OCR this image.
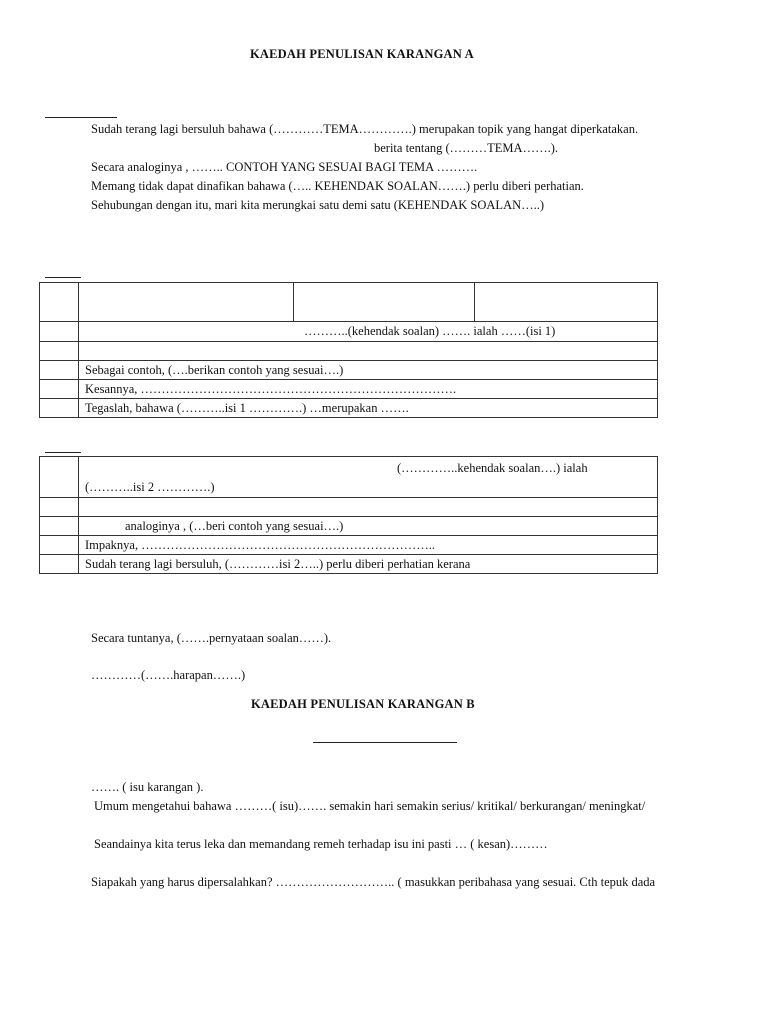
KAEDAH PENULISAN KARANGAN A
Sudah terang lagi bersuluh bahawa (…………TEMA………….) merupakan topik yang hangat diperkatakan.
berita tentang (………TEMA…….).
Secara analoginya , …….. CONTOH YANG SESUAI BAGI TEMA ……….
Memang tidak dapat dinafikan bahawa (….. KEHENDAK SOALAN…….) perlu diberi perhatian.
Sehubungan dengan itu, mari kita merungkai satu demi satu (KEHENDAK SOALAN…..)

	………..(kehendak soalan) ……. ialah ……(isi 1)		

	Sebagai contoh, (….berikan contoh yang sesuai….)		
	Kesannya, ………………………………………………………………….		
	Tegaslah, bahawa (………..isi 1 ………….) …merupakan …….		

	(…………..kehendak soalan….) ialah
(………..isi 2 ………….)

	analoginya , (…beri contoh yang sesuai….)
	Impaknya, ……………………………………………………………..
	Sudah terang lagi bersuluh, (…………isi 2…..) perlu diberi perhatian kerana
Secara tuntanya, (…….pernyataan soalan……).
…………(…….harapan…….)
KAEDAH PENULISAN KARANGAN B
……. ( isu karangan ).
Umum mengetahui bahawa ………( isu)……. semakin hari semakin serius/ kritikal/ berkurangan/ meningkat/
Seandainya kita terus leka dan memandang remeh terhadap isu ini pasti … ( kesan)………
Siapakah yang harus dipersalahkan? ……………………….. ( masukkan peribahasa yang sesuai. Cth tepuk dada
